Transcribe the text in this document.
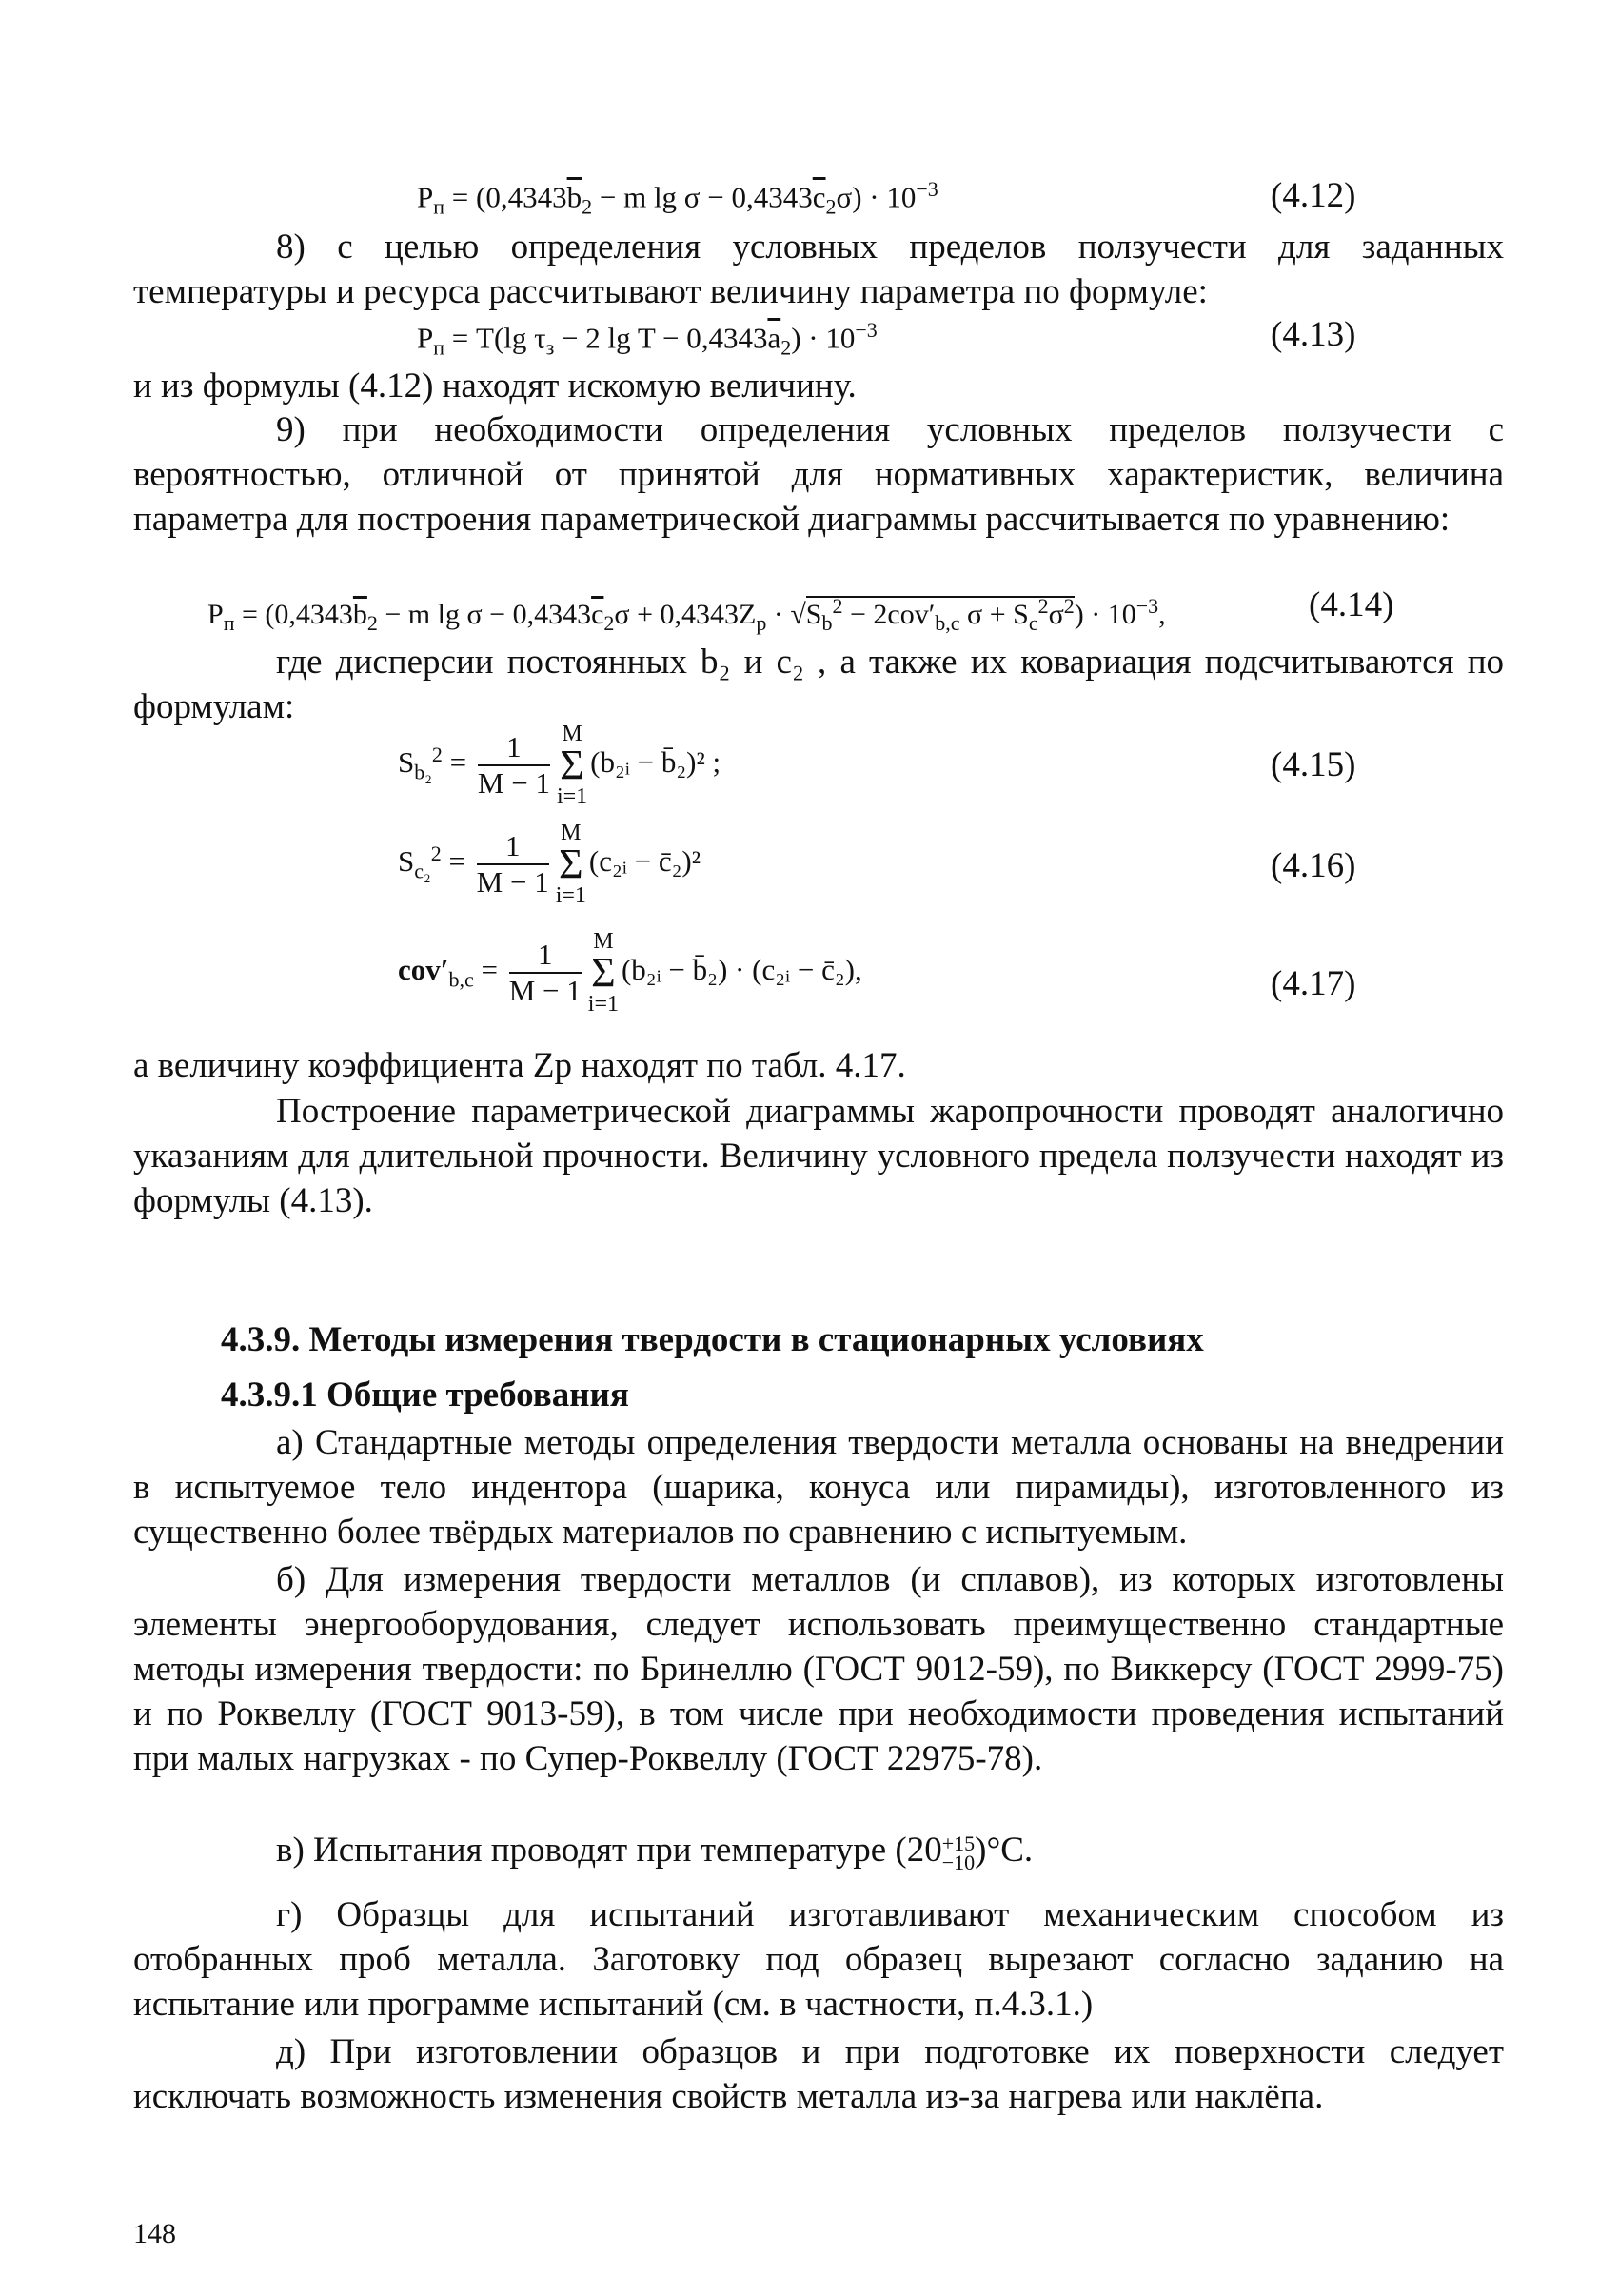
$P_п = (0,4343\overline{b}_2 - m$ $\lg \sigma - 0,4343\overline{c}_2\sigma) \cdot 10^{-3}$	(4.12)
8) с целью определения условных пределов ползучести для заданных температуры и ресурса рассчитывают величину параметра по формуле:
$P_п = T(\lg$ $\tau_з - 2$ $\lg T - 0,4343\overline{a}_2) \cdot 10^{-3}$	(4.13)
и из формулы (4.12) находят искомую величину.
9) при необходимости определения условных пределов ползучести с вероятностью, отличной от принятой для нормативных характеристик, величина параметра для построения параметрической диаграммы рассчитывается по уравнению:
$P_п = (0,4343\overline{b}_2 - m$ $\lg \sigma - 0,4343\overline{c}_2\sigma + 0,4343Z_p \cdot √S_b^2 - 2cov'_{b,c}$ $\sigma + S_c^2\sigma^2) \cdot 10^{-3}$,	(4.14)
где дисперсии постоянных b₂ и c₂ , а также их ковариация подсчитываются по формулам:
$S_{b_2}^2 = \frac{1}{M - 1}$ M
Σ
i=1
(b₂ᵢ − b̄₂)² ;	(4.15)
$S_{c_2}^2 = \frac{1}{M - 1}$ M
Σ
i=1
(c₂ᵢ − c̄₂)²	(4.16)
$cov'_{b,c} = \frac{1}{M - 1}$ M
Σ
i=1
(b₂ᵢ − b̄₂) · (c₂ᵢ − c̄₂),	(4.17)
а величину коэффициента Zp находят по табл. 4.17.
Построение параметрической диаграммы жаропрочности проводят аналогично указаниям для длительной прочности. Величину условного предела ползучести находят из формулы (4.13).
4.3.9. Методы измерения твердости в стационарных условиях
4.3.9.1 Общие требования
а) Стандартные методы определения твердости металла основаны на внедрении в испытуемое тело индентора (шарика, конуса или пирамиды), изготовленного из существенно более твёрдых материалов по сравнению с испытуемым.
б) Для измерения твердости металлов (и сплавов), из которых изготовлены элементы энергооборудования, следует использовать преимущественно стандартные методы измерения твердости: по Бринеллю (ГОСТ 9012-59), по Виккерсу (ГОСТ 2999-75) и по Роквеллу (ГОСТ 9013-59), в том числе при необходимости проведения испытаний при малых нагрузках - по Супер-Роквеллу (ГОСТ 22975-78).
в) Испытания проводят при температуре (20 +15
−10 )°C.
г) Образцы для испытаний изготавливают механическим способом из отобранных проб металла. Заготовку под образец вырезают согласно заданию на испытание или программе испытаний (см. в частности, п.4.3.1.)
д) При изготовлении образцов и при подготовке их поверхности следует исключать возможность изменения свойств металла из-за нагрева или наклёпа.
148
